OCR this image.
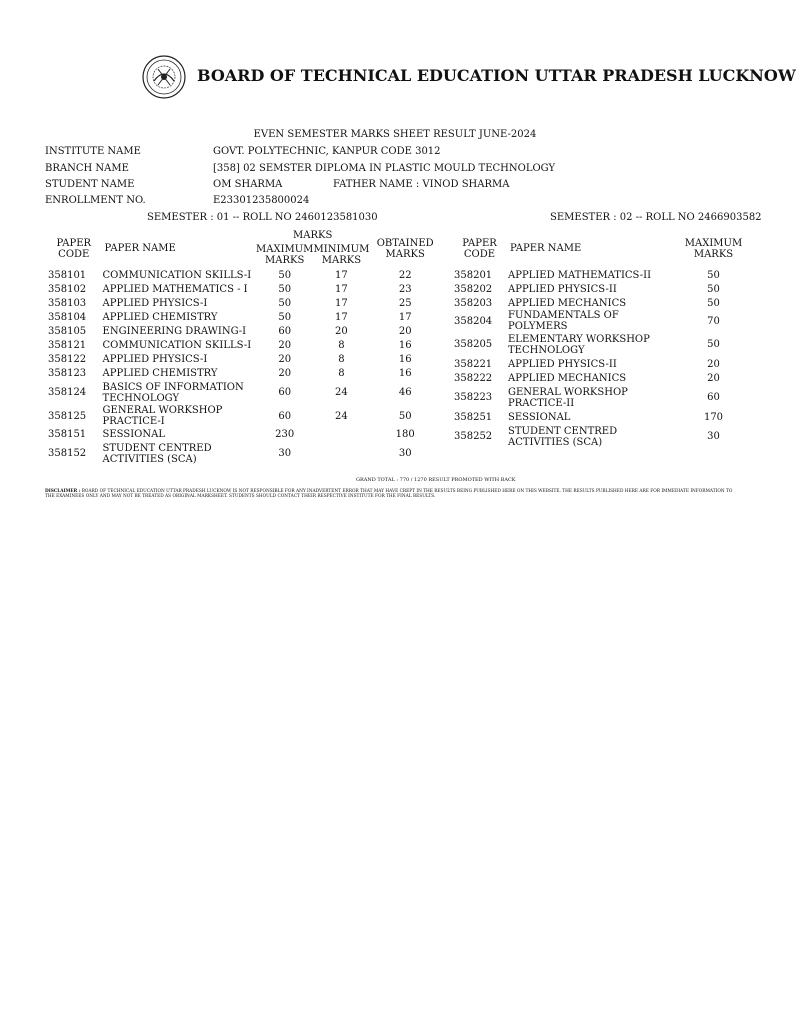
BOARD OF TECHNICAL EDUCATION UTTAR PRADESH LUCKNOW
EVEN SEMESTER MARKS SHEET RESULT JUNE-2024
INSTITUTE NAME	GOVT. POLYTECHNIC, KANPUR CODE 3012
BRANCH NAME	[358] 02 SEMSTER DIPLOMA IN PLASTIC MOULD TECHNOLOGY
STUDENT NAME	OM SHARMA	FATHER NAME : VINOD SHARMA
ENROLLMENT NO.	E23301235800024
SEMESTER : 01 -- ROLL NO 2460123581030	SEMESTER : 02 -- ROLL NO 2466903582
PAPER CODE	PAPER NAME	MARKS		OBTAINED MARKS
		MAXIMUM MARKS	MINIMUM MARKS	
358101	COMMUNICATION SKILLS-I	50	17	22
358102	APPLIED MATHEMATICS - I	50	17	23
358103	APPLIED PHYSICS-I	50	17	25
358104	APPLIED CHEMISTRY	50	17	17
358105	ENGINEERING DRAWING-I	60	20	20
358121	COMMUNICATION SKILLS-I	20	8	16
358122	APPLIED PHYSICS-I	20	8	16
358123	APPLIED CHEMISTRY	20	8	16
358124	BASICS OF INFORMATION TECHNOLOGY	60	24	46
358125	GENERAL WORKSHOP PRACTICE-I	60	24	50
358151	SESSIONAL	230		180
358152	STUDENT CENTRED ACTIVITIES (SCA)	30		30
PAPER CODE	PAPER NAME	MAXIMUM MARKS
358201	APPLIED MATHEMATICS-II	50
358202	APPLIED PHYSICS-II	50
358203	APPLIED MECHANICS	50
358204	FUNDAMENTALS OF POLYMERS	70
358205	ELEMENTARY WORKSHOP TECHNOLOGY	50
358221	APPLIED PHYSICS-II	20
358222	APPLIED MECHANICS	20
358223	GENERAL WORKSHOP PRACTICE-II	60
358251	SESSIONAL	170
358252	STUDENT CENTRED ACTIVITIES (SCA)	30
GRAND TOTAL : 770 / 1270 RESULT PROMOTED WITH BACK
DISCLAIMER : BOARD OF TECHNICAL EDUCATION UTTAR PRADESH LUCKNOW IS NOT RESPONSIBLE FOR ANY INADVERTENT ERROR THAT MAY HAVE CREPT IN THE RESULTS BEING PUBLISHED HERE ON THIS WEBSITE. THE RESULTS PUBLISHED HERE ARE FOR IMMEDIATE INFORMATION TO THE EXAMINEES ONLY AND MAY NOT BE TREATED AS ORIGINAL MARKSHEET. STUDENTS SHOULD CONTACT THEIR RESPECTIVE INSTITUTE FOR THE FINAL RESULTS.
